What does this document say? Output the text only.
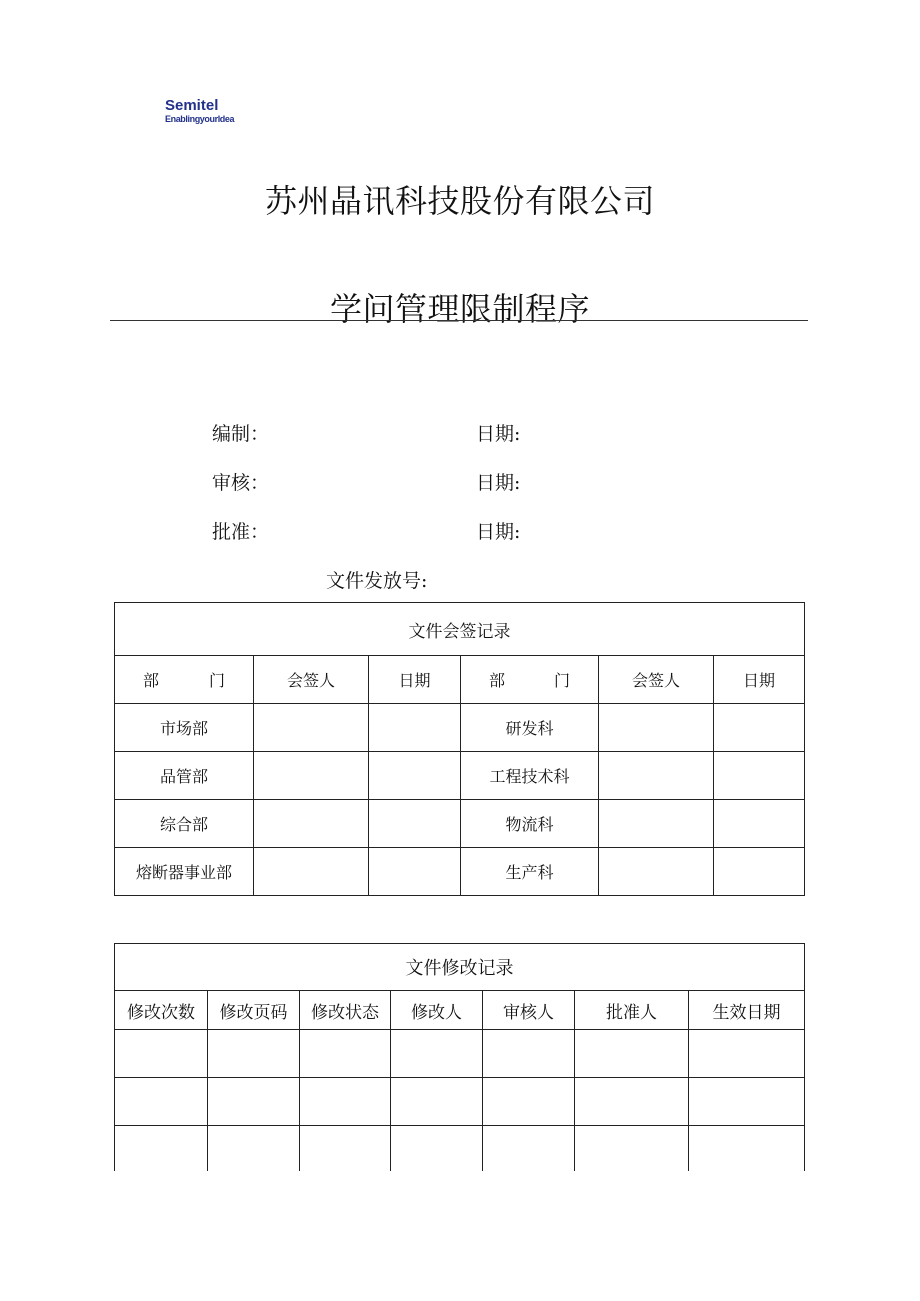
Semitel
Enablingyourldea
苏州晶讯科技股份有限公司
学问管理限制程序
编制：	日期:
审核：	日期:
批准：	日期:
文件发放号:
文件会签记录					

部 门	会签人	日期	部 门	会签人	日期
市场部			研发科		
品管部			工程技术科		
综合部			物流科		
熔断器事业部			生产科		
文件修改记录						
修改次数	修改页码	修改状态	修改人	审核人	批准人	生效日期
